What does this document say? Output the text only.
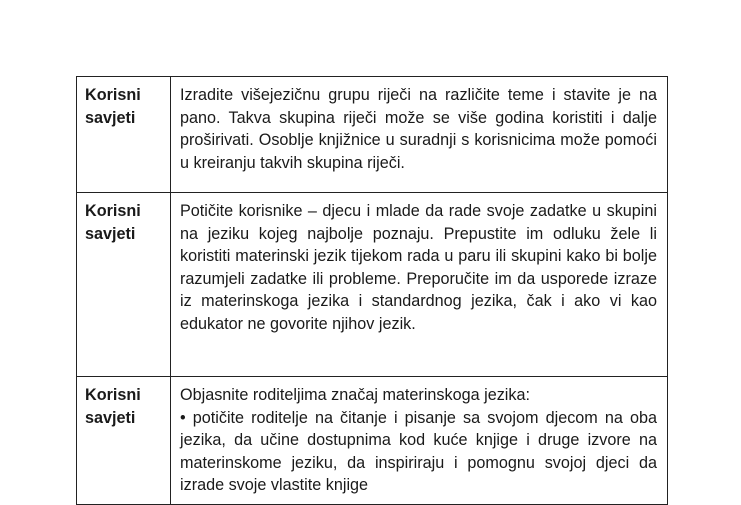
Korisni
savjeti	Izradite višejezičnu grupu riječi na različite teme i stavite je na pano. Takva skupina riječi može se više godina koristiti i dalje proširivati. Osoblje knjižnice u suradnji s korisnicima može pomoći u kreiranju takvih skupina riječi.

Korisni
savjeti	Potičite korisnike – djecu i mlade da rade svoje zadatke u skupini na jeziku kojeg najbolje poznaju. Prepustite im odluku žele li koristiti materinski jezik tijekom rada u paru ili skupini kako bi bolje razumjeli zadatke ili probleme. Preporučite im da usporede izraze iz materinskoga jezika i standardnog jezika, čak i ako vi kao edukator ne govorite njihov jezik.

Korisni
savjeti	Objasnite roditeljima značaj materinskoga jezika:
• potičite roditelje na čitanje i pisanje sa svojom djecom na oba jezika, da učine dostupnima kod kuće knjige i druge izvore na materinskome jeziku, da inspiriraju i pomognu svojoj djeci da izrade svoje vlastite knjige
